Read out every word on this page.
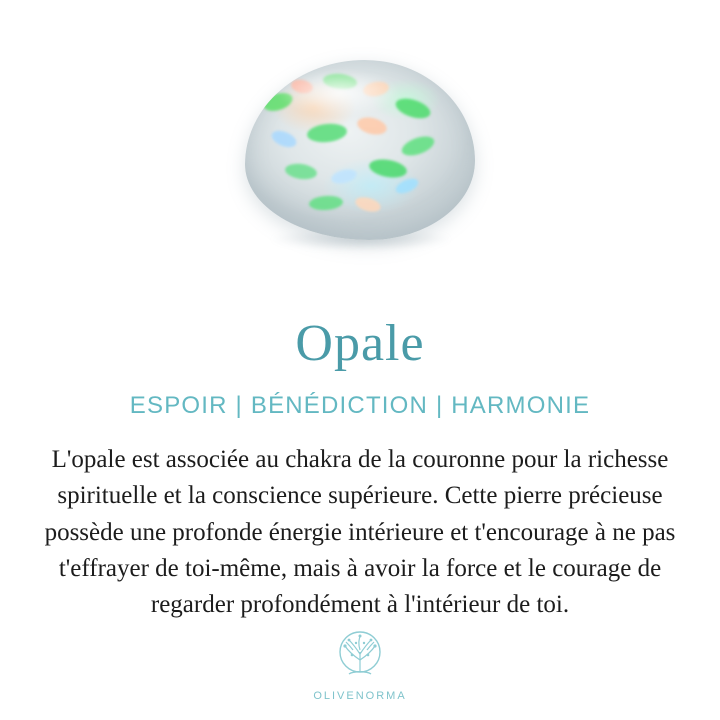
Opale
ESPOIR | BÉNÉDICTION | HARMONIE
L'opale est associée au chakra de la couronne pour la richesse spirituelle et la conscience supérieure. Cette pierre précieuse possède une profonde énergie intérieure et t'encourage à ne pas t'effrayer de toi-même, mais à avoir la force et le courage de regarder profondément à l'intérieur de toi.
OLIVENORMA
